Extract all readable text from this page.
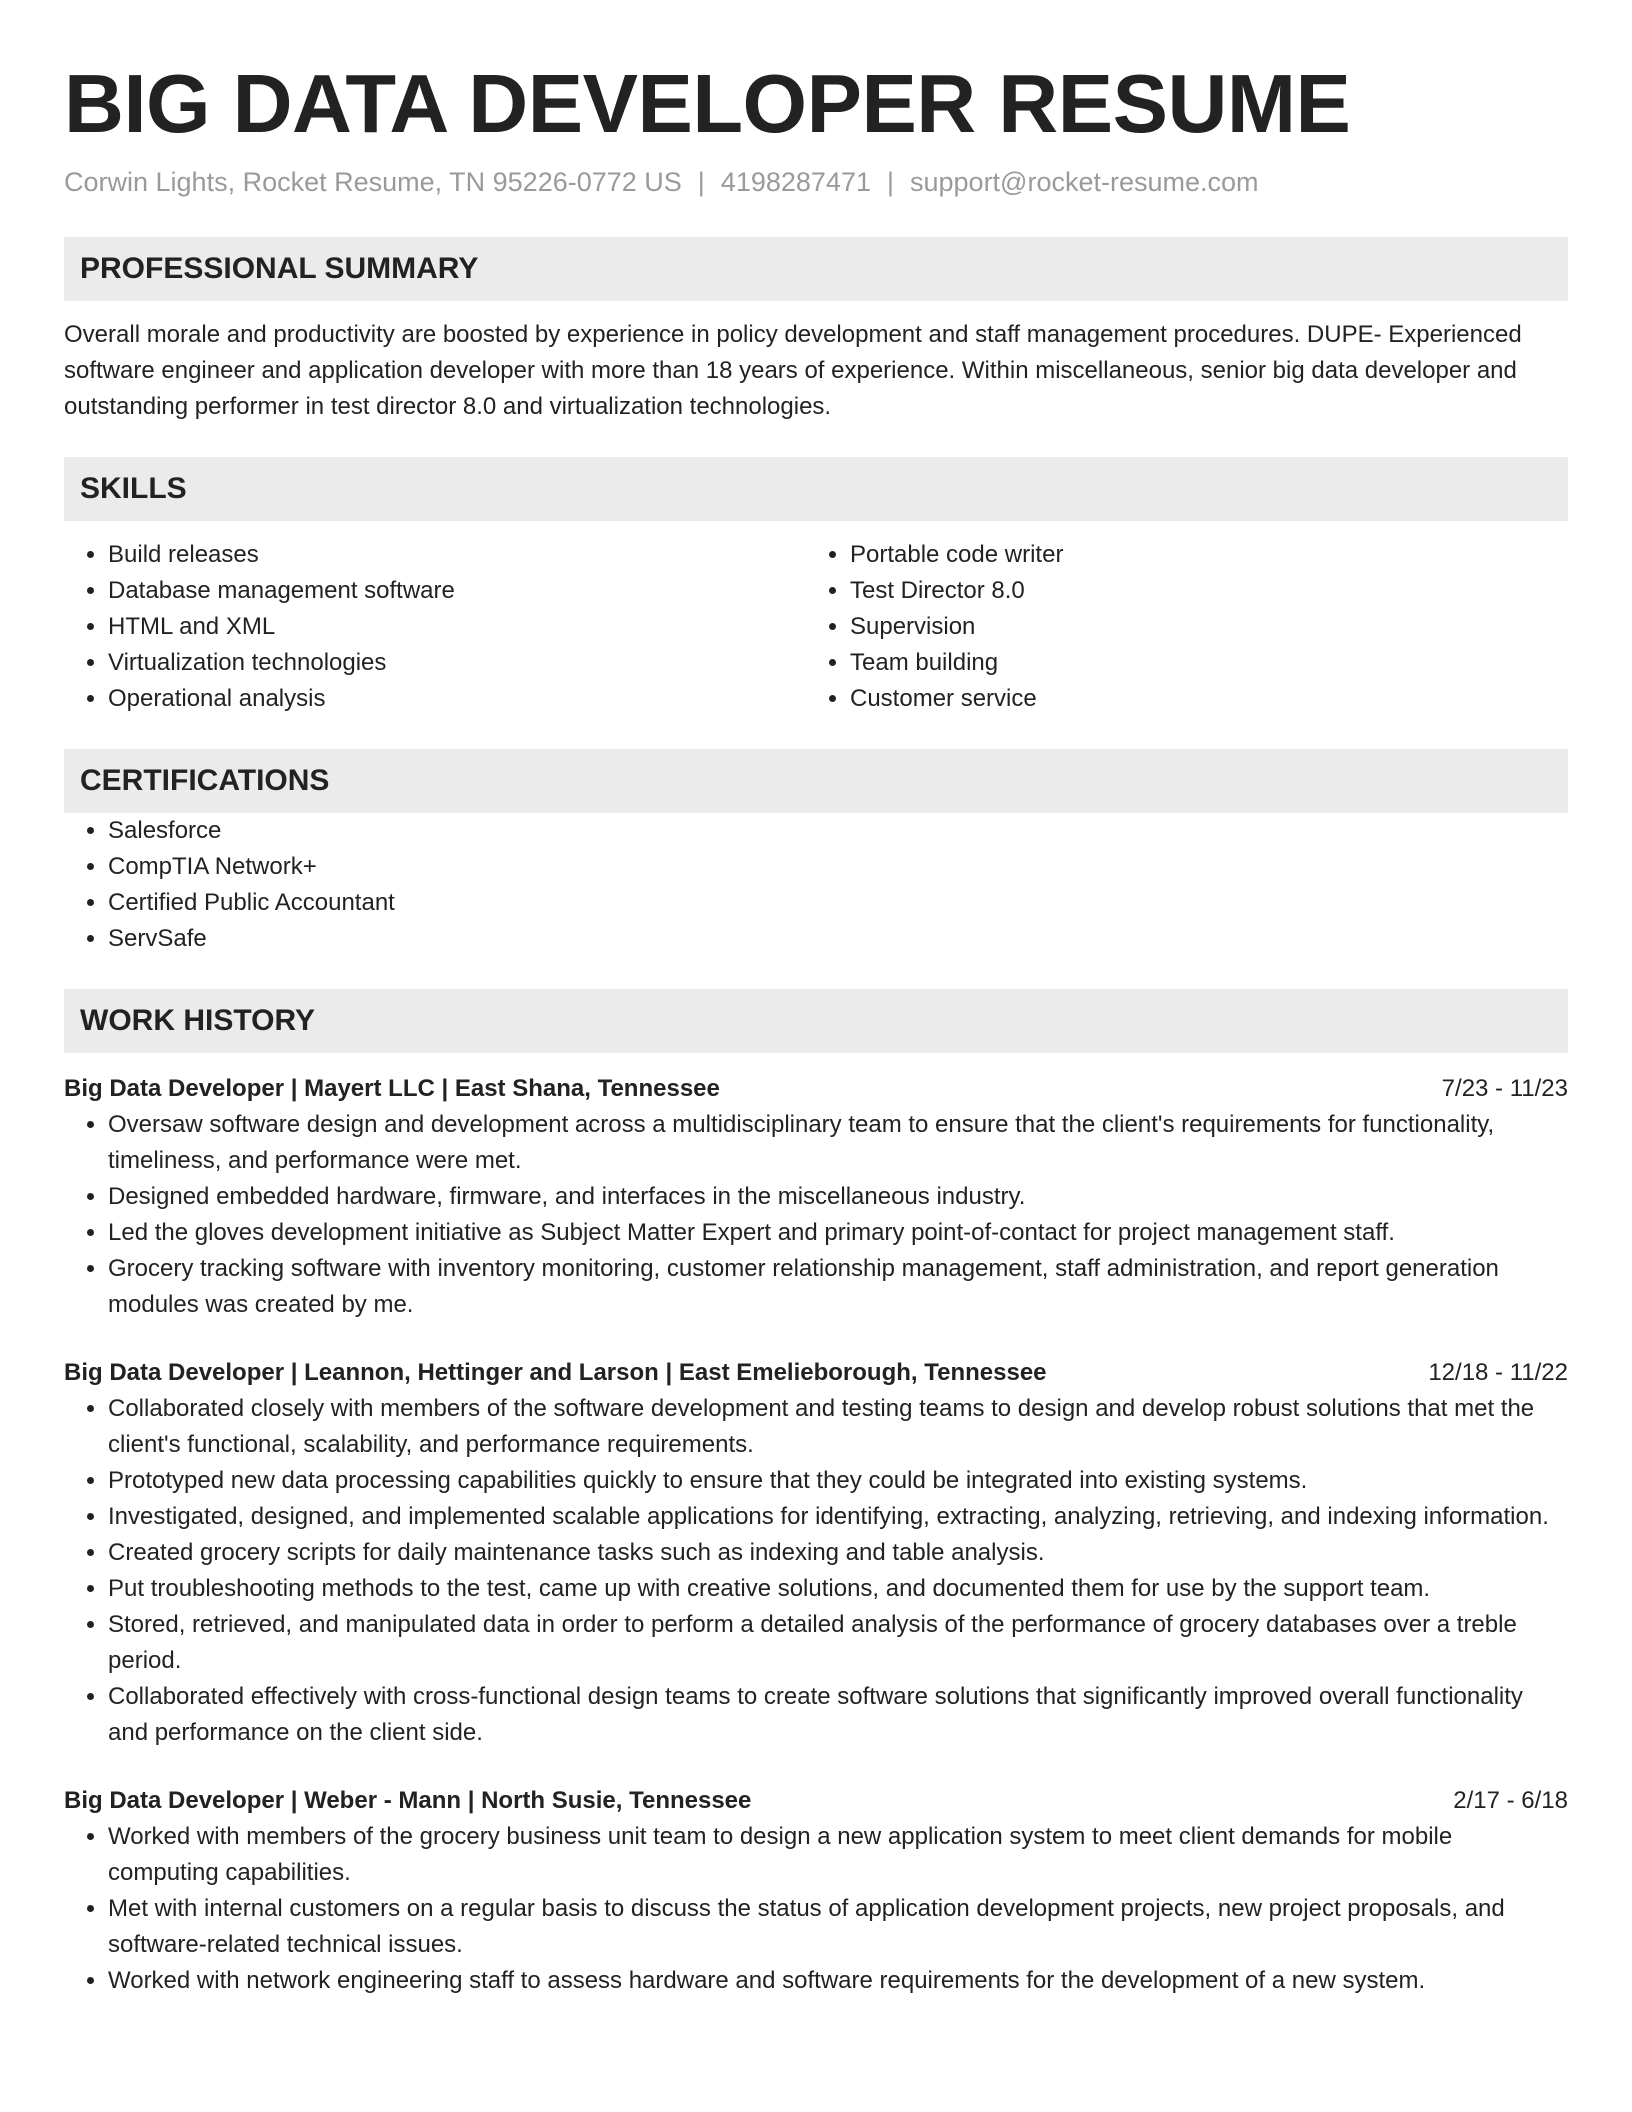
BIG DATA DEVELOPER RESUME
Corwin Lights, Rocket Resume, TN 95226-0772 US | 4198287471 | support@rocket-resume.com
PROFESSIONAL SUMMARY

Overall morale and productivity are boosted by experience in policy development and staff management procedures. DUPE- Experienced software engineer and application developer with more than 18 years of experience. Within miscellaneous, senior big data developer and outstanding performer in test director 8.0 and virtualization technologies.

SKILLS
• Build releases
• Database management software
• HTML and XML
• Virtualization technologies
• Operational analysis
• Portable code writer
• Test Director 8.0
• Supervision
• Team building
• Customer service
CERTIFICATIONS
• Salesforce
• CompTIA Network+
• Certified Public Accountant
• ServSafe
WORK HISTORY
Big Data Developer | Mayert LLC | East Shana, Tennessee	7/23 - 11/23
• Oversaw software design and development across a multidisciplinary team to ensure that the client's requirements for functionality, timeliness, and performance were met.
• Designed embedded hardware, firmware, and interfaces in the miscellaneous industry.
• Led the gloves development initiative as Subject Matter Expert and primary point-of-contact for project management staff.
• Grocery tracking software with inventory monitoring, customer relationship management, staff administration, and report generation modules was created by me.
Big Data Developer | Leannon, Hettinger and Larson | East Emelieborough, Tennessee	12/18 - 11/22
• Collaborated closely with members of the software development and testing teams to design and develop robust solutions that met the client's functional, scalability, and performance requirements.
• Prototyped new data processing capabilities quickly to ensure that they could be integrated into existing systems.
• Investigated, designed, and implemented scalable applications for identifying, extracting, analyzing, retrieving, and indexing information.
• Created grocery scripts for daily maintenance tasks such as indexing and table analysis.
• Put troubleshooting methods to the test, came up with creative solutions, and documented them for use by the support team.
• Stored, retrieved, and manipulated data in order to perform a detailed analysis of the performance of grocery databases over a treble period.
• Collaborated effectively with cross-functional design teams to create software solutions that significantly improved overall functionality and performance on the client side.
Big Data Developer | Weber - Mann | North Susie, Tennessee	2/17 - 6/18
• Worked with members of the grocery business unit team to design a new application system to meet client demands for mobile computing capabilities.
• Met with internal customers on a regular basis to discuss the status of application development projects, new project proposals, and software-related technical issues.
• Worked with network engineering staff to assess hardware and software requirements for the development of a new system.
